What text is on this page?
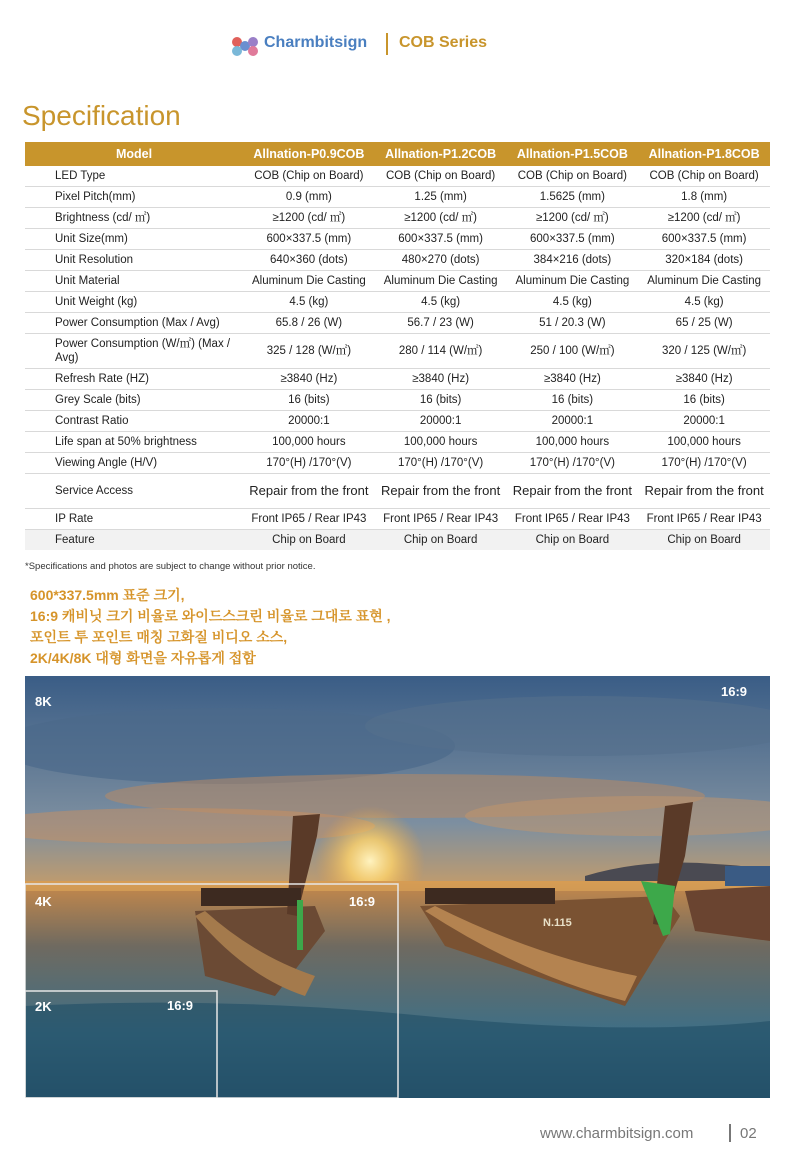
Charmbitsign COB Series
Specification
Model	Allnation-P0.9COB	Allnation-P1.2COB	Allnation-P1.5COB	Allnation-P1.8COB
LED Type	COB (Chip on Board)	COB (Chip on Board)	COB (Chip on Board)	COB (Chip on Board)
Pixel Pitch(mm)	0.9 (mm)	1.25 (mm)	1.5625 (mm)	1.8 (mm)
Brightness (cd/ ㎡)	≥1200 (cd/ ㎡)	≥1200 (cd/ ㎡)	≥1200 (cd/ ㎡)	≥1200 (cd/ ㎡)
Unit Size(mm)	600×337.5 (mm)	600×337.5 (mm)	600×337.5 (mm)	600×337.5 (mm)
Unit Resolution	640×360 (dots)	480×270 (dots)	384×216 (dots)	320×184 (dots)
Unit Material	Aluminum Die Casting	Aluminum Die Casting	Aluminum Die Casting	Aluminum Die Casting
Unit Weight (kg)	4.5 (kg)	4.5 (kg)	4.5 (kg)	4.5 (kg)
Power Consumption (Max / Avg)	65.8 / 26 (W)	56.7 / 23 (W)	51 / 20.3 (W)	65 / 25 (W)
Power Consumption (W/㎡) (Max / Avg)	325 / 128 (W/㎡)	280 / 114 (W/㎡)	250 / 100 (W/㎡)	320 / 125 (W/㎡)
Refresh Rate (HZ)	≥3840 (Hz)	≥3840 (Hz)	≥3840 (Hz)	≥3840 (Hz)
Grey Scale (bits)	16 (bits)	16 (bits)	16 (bits)	16 (bits)
Contrast Ratio	20000:1	20000:1	20000:1	20000:1
Life span at 50% brightness	100,000 hours	100,000 hours	100,000 hours	100,000 hours
Viewing Angle (H/V)	170°(H) /170°(V)	170°(H) /170°(V)	170°(H) /170°(V)	170°(H) /170°(V)
Service Access	Repair from the front	Repair from the front	Repair from the front	Repair from the front
IP Rate	Front IP65 / Rear IP43	Front IP65 / Rear IP43	Front IP65 / Rear IP43	Front IP65 / Rear IP43
Feature	Chip on Board	Chip on Board	Chip on Board	Chip on Board
*Specifications and photos are subject to change without prior notice.
600*337.5mm 표준 크기,
16:9 캐비닛 크기 비율로 와이드스크린 비율로 그대로 표현 ,
포인트 투 포인트 매칭 고화질 비디오 소스,
2K/4K/8K 대형 화면을 자유롭게 접합
N.115
8K
16:9
4K	16:9
2K	16:9
www.charmbitsign.com	02
